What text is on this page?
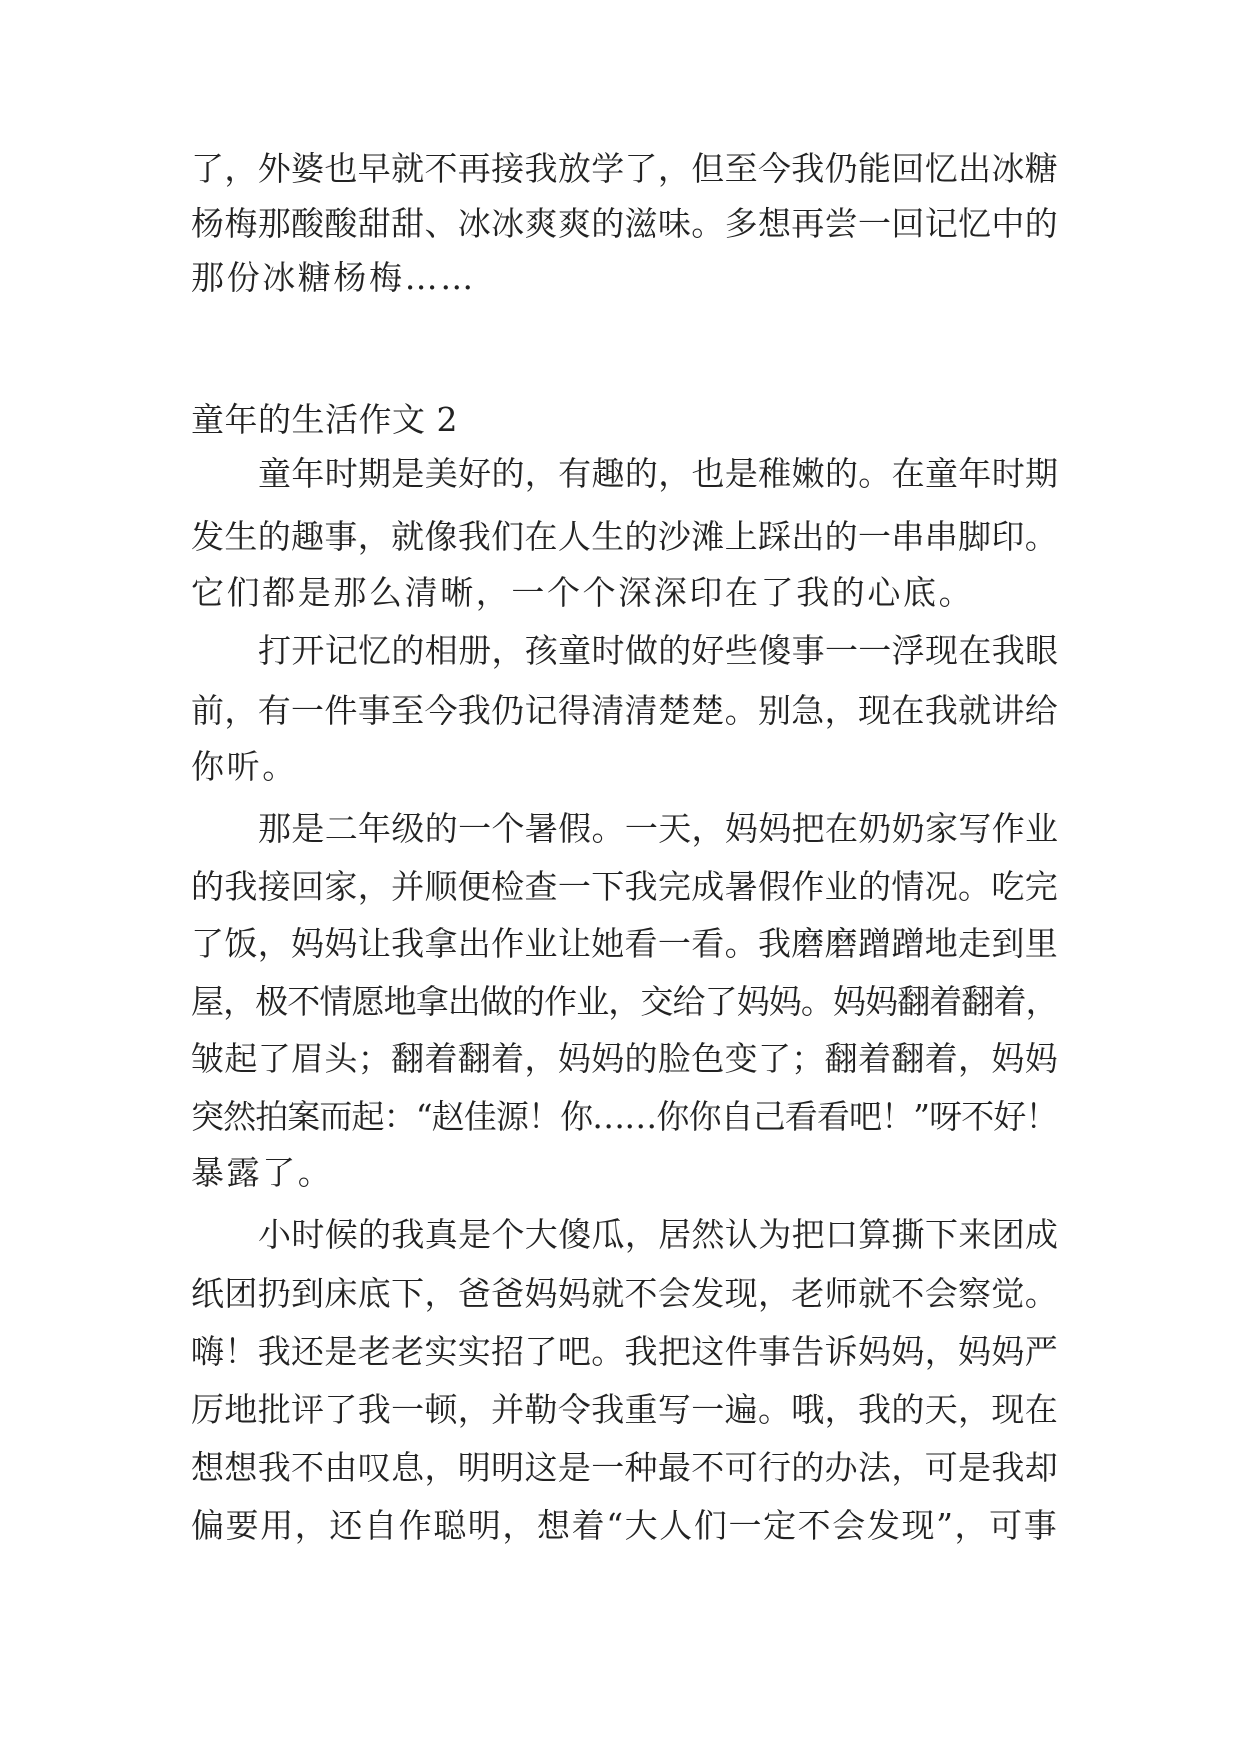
了，外婆也早就不再接我放学了，但至今我仍能回忆出冰糖
杨梅那酸酸甜甜、冰冰爽爽的滋味。多想再尝一回记忆中的
那份冰糖杨梅……
童年的生活作文 2
童年时期是美好的，有趣的，也是稚嫩的。在童年时期
发生的趣事，就像我们在人生的沙滩上踩出的一串串脚印。
它们都是那么清晰，一个个深深印在了我的心底。
打开记忆的相册，孩童时做的好些傻事一一浮现在我眼
前，有一件事至今我仍记得清清楚楚。别急，现在我就讲给
你听。
那是二年级的一个暑假。一天，妈妈把在奶奶家写作业
的我接回家，并顺便检查一下我完成暑假作业的情况。吃完
了饭，妈妈让我拿出作业让她看一看。我磨磨蹭蹭地走到里
屋，极不情愿地拿出做的作业，交给了妈妈。妈妈翻着翻着，
皱起了眉头；翻着翻着，妈妈的脸色变了；翻着翻着，妈妈
突然拍案而起：“赵佳源！你……你你自己看看吧！”呀不好！
暴露了。
小时候的我真是个大傻瓜，居然认为把口算撕下来团成
纸团扔到床底下，爸爸妈妈就不会发现，老师就不会察觉。
嗨！我还是老老实实招了吧。我把这件事告诉妈妈，妈妈严
厉地批评了我一顿，并勒令我重写一遍。哦，我的天，现在
想想我不由叹息，明明这是一种最不可行的办法，可是我却
偏要用，还自作聪明，想着“大人们一定不会发现”，可事
